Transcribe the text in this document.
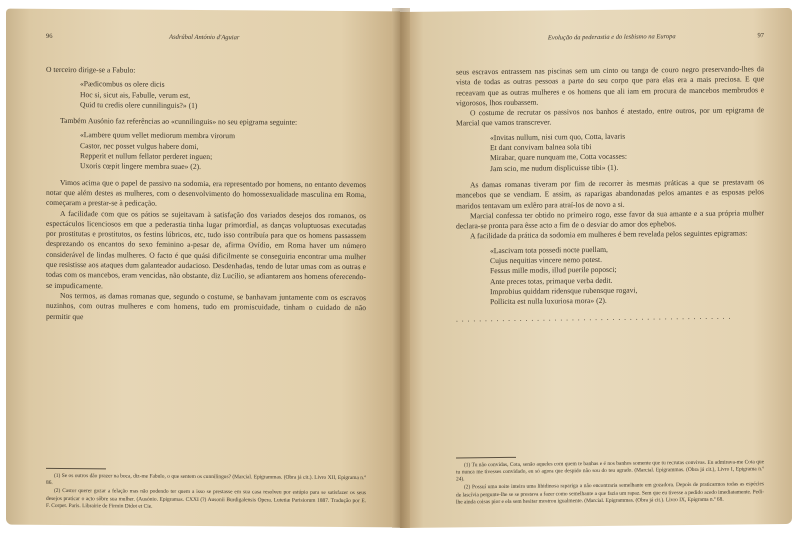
96	Asdrúbal António d'Aguiar

O terceiro dirige-se a Fabulo:

«Pædicombus os olere dicis
Hoc si, sicut ais, Fabulle, verum est,
Quid tu credis olere cunnilinguis?» (1)

Também Ausónio faz referências ao «cunnilinguis» no seu epigrama seguinte:

«Lambere quum vellet mediorum membra virorum
Castor, nec posset vulgus habere domi,
Repperit et nullum fellator perderet inguen;
Uxoris cœpit lingere membra suae» (2).

Vimos acima que o papel de passivo na sodomia, era representado por homens, no entanto devemos notar que além destes as mulheres, com o desenvolvimento do homossexualidade masculina em Roma, começaram a prestar-se à pedicação.

A facilidade com que os pátios se sujeitavam à satisfação dos variados desejos dos romanos, os espectáculos licenciosos em que a pederastia tinha lugar primordial, as danças voluptuosas executadas por prostitutas e prostitutos, os festins lúbricos, etc, tudo isso contribuía para que os homens passassem desprezando os encantos do sexo feminino a-pesar de, afirma Ovídio, em Roma haver um número considerável de lindas mulheres. O facto é que quási dificilmente se conseguiria encontrar uma mulher que resistisse aos ataques dum galanteador audacioso. Desdenhadas, tendo de lutar umas com as outras e todas com os mancebos, eram vencidas, não obstante, diz Lucílio, se adiantarem aos homens oferecendo-se impudicamente.

Nos termos, as damas romanas que, segundo o costume, se banhavam juntamente com os escravos nuzinhos, com outras mulheres e com homens, tudo em promiscuidade, tinham o cuidado de não permitir que

(1) Se os outros dão prazer na boca, diz-me Fabulo, o que sentem os cunnilingus? (Marcial. Epigrammas. (Obra já cit.). Livro XII, Epigrama n.º 86.

(2) Castor querer gozar a felação mas não podendo ter quem a isso se prestasse em sua casa resolveu por estúpio para se satisfazer os seus desejos praticar o acto sôbre sua mulher. (Ausónio. Epigramas. CXXI (?) Ausonii Burdigalensis Opera. Lutetiæ Parisiorum 1887. Tradução por E. F. Corpet. Paris. Librairie de Firmin Didot et Cie.

Evolução da pederastia e do lesbismo na Europa	97

seus escravos entrassem nas piscinas sem um cinto ou tanga de couro negro preservando-lhes da vista de todas as outras pessoas a parte do seu corpo que para elas era a mais preciosa. E que receavam que as outras mulheres e os homens que ali iam em procura de mancebos membrudos e vigorosos, lhos roubassem.

O costume de recrutar os passivos nos banhos é atestado, entre outros, por um epigrama de Marcial que vamos transcrever.

«Invitas nullum, nisi cum quo, Cotta, lavaris
Et dant convivam balnea sola tibi
Mirabar, quare nunquam me, Cotta vocasses:
Jam scio, me nudum displicuisse tibi» (1).

As damas romanas tiveram por fim de recorrer às mesmas práticas a que se prestavam os mancebos que se vendiam. E assim, as raparigas abandonadas pelos amantes e as esposas pelos maridos tentavam um exlêro para atraí-los de novo a si.

Marcial confessa ter obtido no primeiro rogo, esse favor da sua amante e a sua própria mulher declara-se pronta para êsse acto a fim de o desviar do amor dos ephebos.

A facilidade da prática da sodomia em mulheres é bem revelada pelos seguintes epigramas:

«Lascivam tota possedi nocte puellam,
Cujus nequitias vincere nemo potest.
Fessus mille modis, illud puerile poposci;
Ante preces totas, primaque verba dedit.
Improbius quiddam ridensque rubensque rogavi,
Pollicita est nulla luxuriosa mora» (2).
. . . . . . . . . . . . . . . . . . . . . . . . . . . . . . . . . . . . . . . . . . . . . . . .

(1) Tu não convidas, Cota, senão aqueles com quem te banhas e é nos banhos somente que tu recrutas convivas. Eu admirava-me Cota que tu nunca me tivesses convidado, eu só agora que despido não sou do teu agrado. (Marcial. Epigrammas. (Obra já cit.), Livro I, Epigrama n.º 24).

(2) Possuí uma noite inteira uma libidinosa rapariga a não encontraria semelhante em gozadora. Depois de praticarmos todas as espécies de lascívia pergunte-lhe se se prestava a fazer como semelhante a que fazia um rapaz. Sem que eu tivesse a pedido acedo imediatamente. Pedi-lhe ainda coisas pior e ela sem hesitar mostrou igualmente. (Marcial. Epigrammas. (Obra já cit.). Livro IX, Epigrama n.º 68.
